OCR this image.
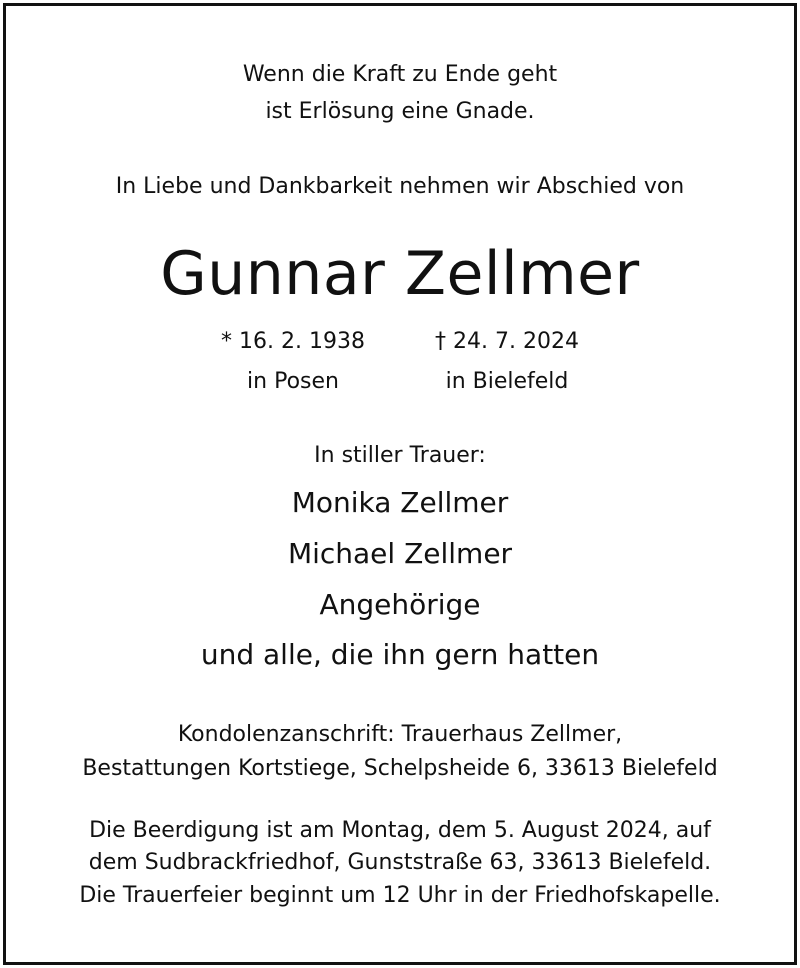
Wenn die Kraft zu Ende geht
ist Erlösung eine Gnade.
In Liebe und Dankbarkeit nehmen wir Abschied von
Gunnar Zellmer
* 16. 2. 1938	† 24. 7. 2024
in Posen	in Bielefeld
In stiller Trauer:
Monika Zellmer
Michael Zellmer
Angehörige
und alle, die ihn gern hatten
Kondolenzanschrift: Trauerhaus Zellmer,
Bestattungen Kortstiege, Schelpsheide 6, 33613 Bielefeld
Die Beerdigung ist am Montag, dem 5. August 2024, auf
dem Sudbrackfriedhof, Gunststraße 63, 33613 Bielefeld.
Die Trauerfeier beginnt um 12 Uhr in der Friedhofskapelle.
